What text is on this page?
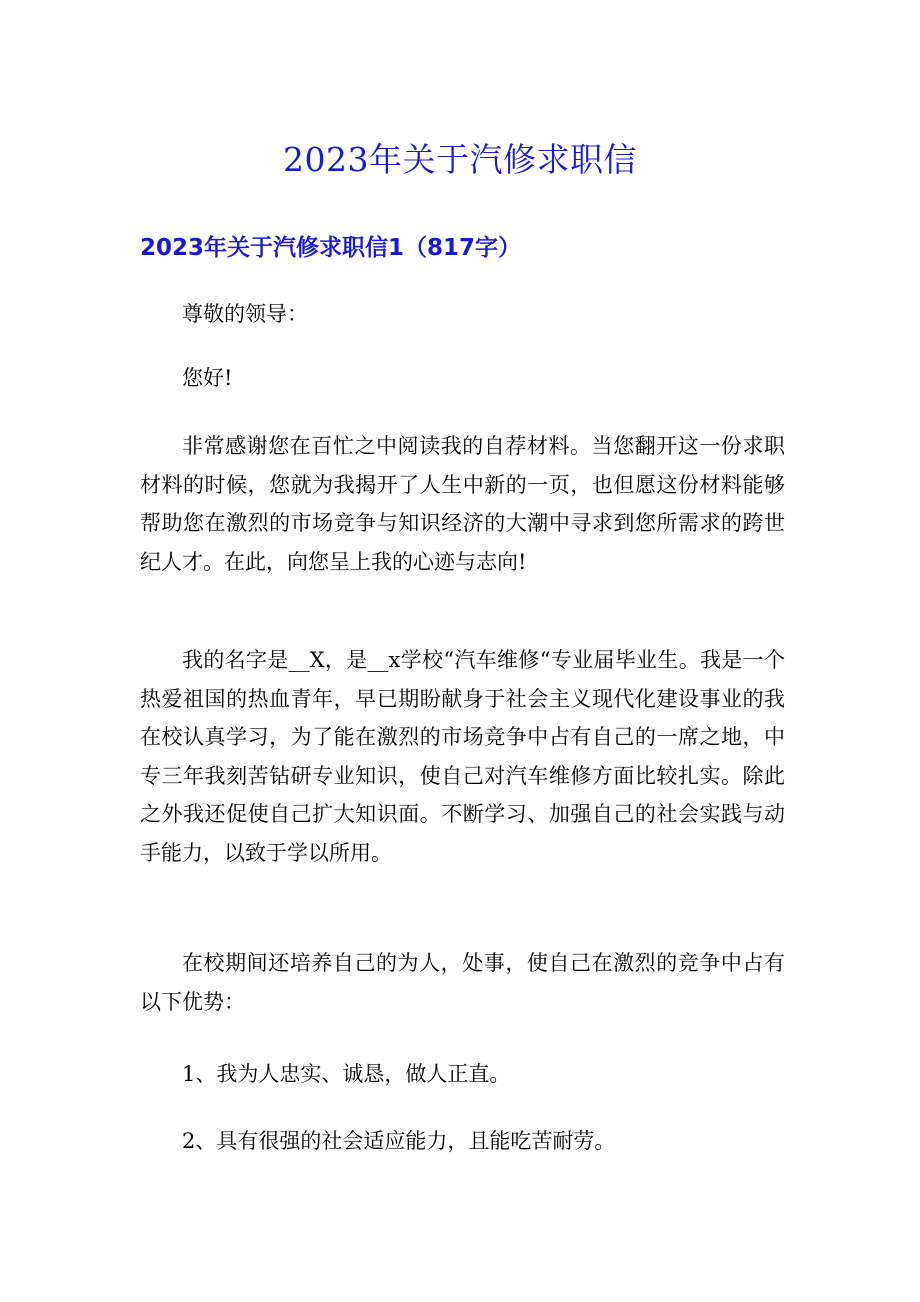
2023年关于汽修求职信
2023年关于汽修求职信1（817字）

尊敬的领导：

您好!

非常感谢您在百忙之中阅读我的自荐材料。当您翻开这一份求职材料的时候，您就为我揭开了人生中新的一页，也但愿这份材料能够帮助您在激烈的市场竞争与知识经济的大潮中寻求到您所需求的跨世纪人才。在此，向您呈上我的心迹与志向!

我的名字是__X，是__x学校“汽车维修“专业届毕业生。我是一个热爱祖国的热血青年，早已期盼献身于社会主义现代化建设事业的我在校认真学习，为了能在激烈的市场竞争中占有自己的一席之地，中专三年我刻苦钻研专业知识，使自己对汽车维修方面比较扎实。除此之外我还促使自己扩大知识面。不断学习、加强自己的社会实践与动手能力，以致于学以所用。

在校期间还培养自己的为人，处事，使自己在激烈的竞争中占有以下优势：

1、我为人忠实、诚恳，做人正直。

2、具有很强的社会适应能力，且能吃苦耐劳。
